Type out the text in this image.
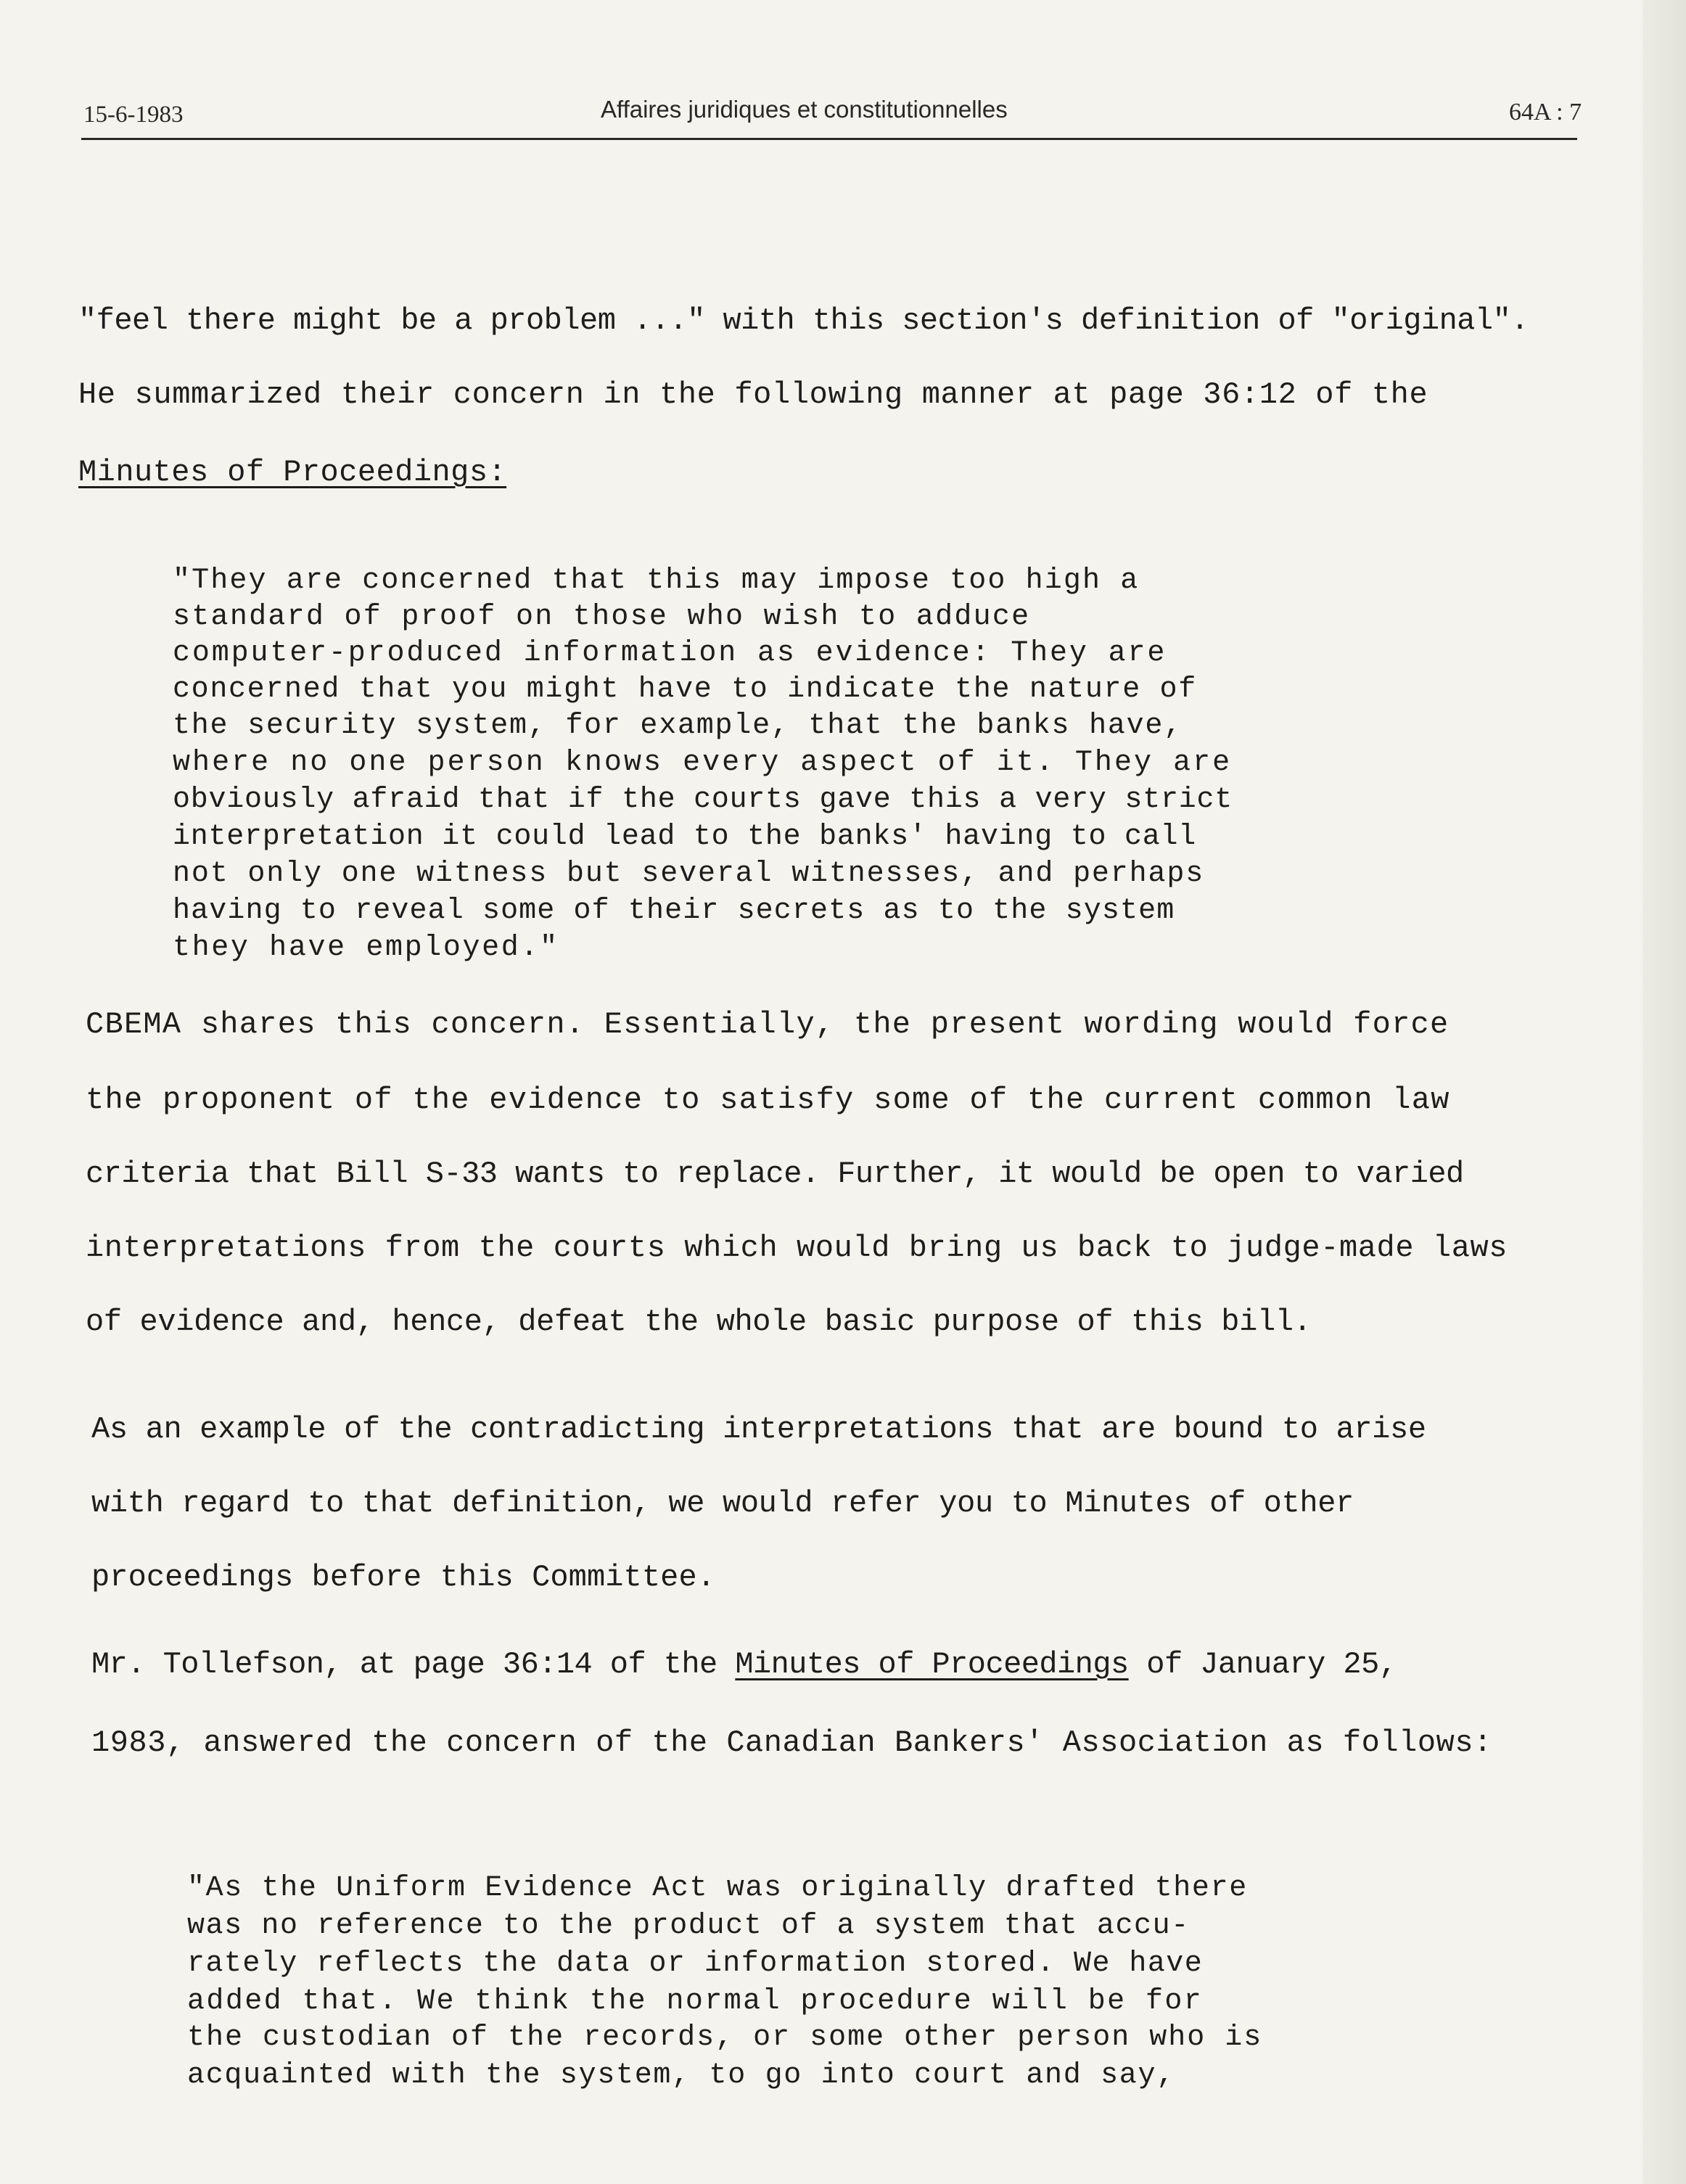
15-6-1983	Affaires juridiques et constitutionnelles	64A : 7

"feel there might be a problem ..." with this section's definition of "original".

He summarized their concern in the following manner at page 36:12 of the

Minutes of Proceedings:

"They are concerned that this may impose too high a

standard of proof on those who wish to adduce

computer-produced information as evidence: They are

concerned that you might have to indicate the nature of

the security system, for example, that the banks have,

where no one person knows every aspect of it. They are

obviously afraid that if the courts gave this a very strict

interpretation it could lead to the banks' having to call

not only one witness but several witnesses, and perhaps

having to reveal some of their secrets as to the system

they have employed."

CBEMA shares this concern. Essentially, the present wording would force

the proponent of the evidence to satisfy some of the current common law

criteria that Bill S-33 wants to replace. Further, it would be open to varied

interpretations from the courts which would bring us back to judge-made laws

of evidence and, hence, defeat the whole basic purpose of this bill.

As an example of the contradicting interpretations that are bound to arise

with regard to that definition, we would refer you to Minutes of other

proceedings before this Committee.

Mr. Tollefson, at page 36:14 of the Minutes of Proceedings of January 25,

1983, answered the concern of the Canadian Bankers' Association as follows:

"As the Uniform Evidence Act was originally drafted there

was no reference to the product of a system that accu-

rately reflects the data or information stored. We have

added that. We think the normal procedure will be for

the custodian of the records, or some other person who is

acquainted with the system, to go into court and say,
